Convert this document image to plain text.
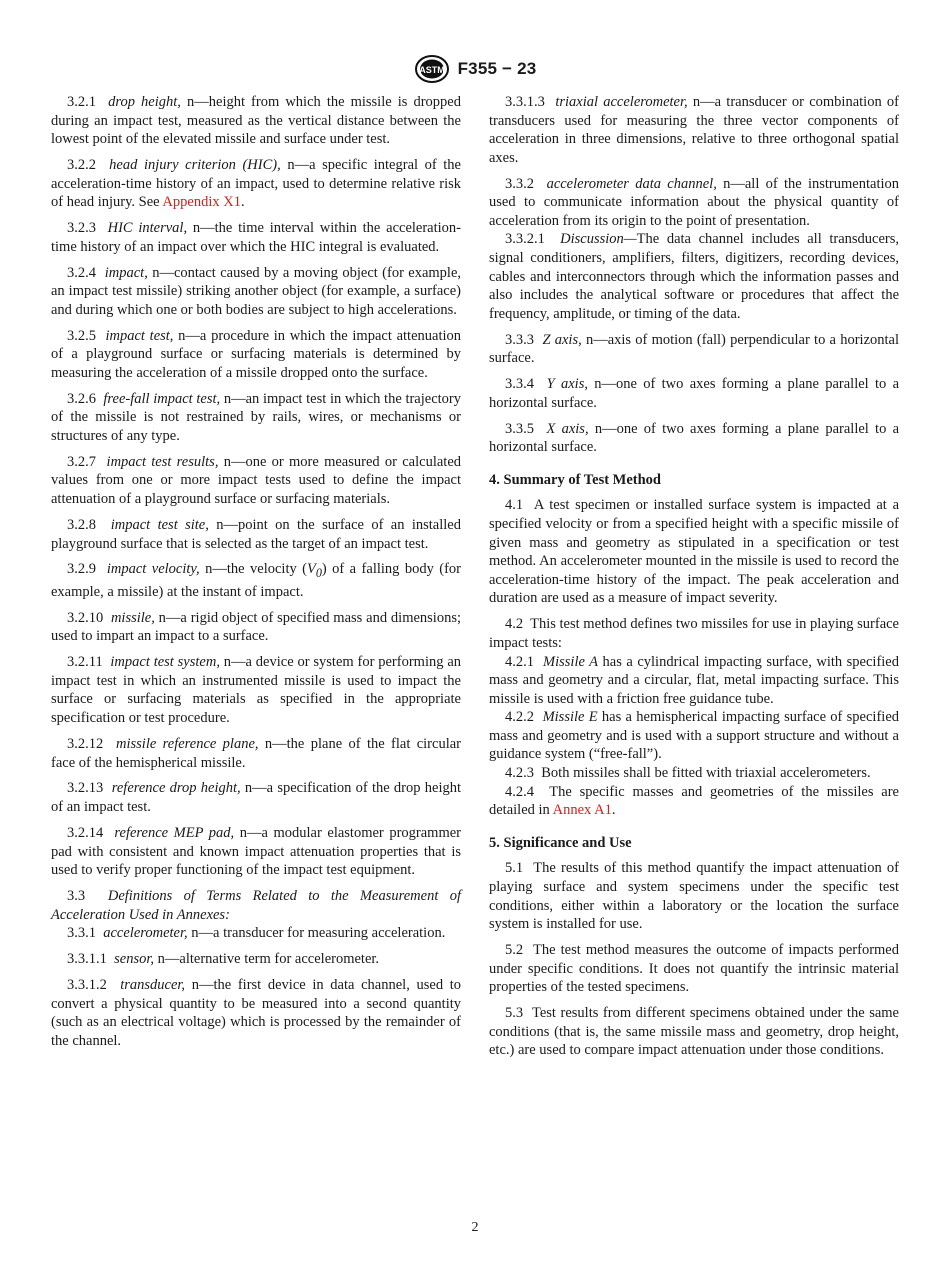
ASTM F355 − 23

3.2.1 drop height, n—height from which the missile is dropped during an impact test, measured as the vertical distance between the lowest point of the elevated missile and surface under test.

3.2.2 head injury criterion (HIC), n—a specific integral of the acceleration-time history of an impact, used to determine relative risk of head injury. See Appendix X1.

3.2.3 HIC interval, n—the time interval within the acceleration-time history of an impact over which the HIC integral is evaluated.

3.2.4 impact, n—contact caused by a moving object (for example, an impact test missile) striking another object (for example, a surface) and during which one or both bodies are subject to high accelerations.

3.2.5 impact test, n—a procedure in which the impact attenuation of a playground surface or surfacing materials is determined by measuring the acceleration of a missile dropped onto the surface.

3.2.6 free-fall impact test, n—an impact test in which the trajectory of the missile is not restrained by rails, wires, or mechanisms or structures of any type.

3.2.7 impact test results, n—one or more measured or calculated values from one or more impact tests used to define the impact attenuation of a playground surface or surfacing materials.

3.2.8 impact test site, n—point on the surface of an installed playground surface that is selected as the target of an impact test.

3.2.9 impact velocity, n—the velocity $(V_0)$ of a falling body (for example, a missile) at the instant of impact.

3.2.10 missile, n—a rigid object of specified mass and dimensions; used to impart an impact to a surface.

3.2.11 impact test system, n—a device or system for performing an impact test in which an instrumented missile is used to impact the surface or surfacing materials as specified in the appropriate specification or test procedure.

3.2.12 missile reference plane, n—the plane of the flat circular face of the hemispherical missile.

3.2.13 reference drop height, n—a specification of the drop height of an impact test.

3.2.14 reference MEP pad, n—a modular elastomer programmer pad with consistent and known impact attenuation properties that is used to verify proper functioning of the impact test equipment.

3.3 Definitions of Terms Related to the Measurement of Acceleration Used in Annexes:

3.3.1 accelerometer, n—a transducer for measuring acceleration.

3.3.1.1 sensor, n—alternative term for accelerometer.

3.3.1.2 transducer, n—the first device in data channel, used to convert a physical quantity to be measured into a second quantity (such as an electrical voltage) which is processed by the remainder of the channel.

3.3.1.3 triaxial accelerometer, n—a transducer or combination of transducers used for measuring the three vector components of acceleration in three dimensions, relative to three orthogonal spatial axes.

3.3.2 accelerometer data channel, n—all of the instrumentation used to communicate information about the physical quantity of acceleration from its origin to the point of presentation.

3.3.2.1 Discussion—The data channel includes all transducers, signal conditioners, amplifiers, filters, digitizers, recording devices, cables and interconnectors through which the information passes and also includes the analytical software or procedures that affect the frequency, amplitude, or timing of the data.

3.3.3 Z axis, n—axis of motion (fall) perpendicular to a horizontal surface.

3.3.4 Y axis, n—one of two axes forming a plane parallel to a horizontal surface.

3.3.5 X axis, n—one of two axes forming a plane parallel to a horizontal surface.

4. Summary of Test Method

4.1 A test specimen or installed surface system is impacted at a specified velocity or from a specified height with a specific missile of given mass and geometry as stipulated in a specification or test method. An accelerometer mounted in the missile is used to record the acceleration-time history of the impact. The peak acceleration and duration are used as a measure of impact severity.

4.2 This test method defines two missiles for use in playing surface impact tests:

4.2.1 Missile A has a cylindrical impacting surface, with specified mass and geometry and a circular, flat, metal impacting surface. This missile is used with a friction free guidance tube.

4.2.2 Missile E has a hemispherical impacting surface of specified mass and geometry and is used with a support structure and without a guidance system (“free-fall”).

4.2.3 Both missiles shall be fitted with triaxial accelerometers.

4.2.4 The specific masses and geometries of the missiles are detailed in Annex A1.

5. Significance and Use

5.1 The results of this method quantify the impact attenuation of playing surface and system specimens under the specific test conditions, either within a laboratory or the location the surface system is installed for use.

5.2 The test method measures the outcome of impacts performed under specific conditions. It does not quantify the intrinsic material properties of the tested specimens.

5.3 Test results from different specimens obtained under the same conditions (that is, the same missile mass and geometry, drop height, etc.) are used to compare impact attenuation under those conditions.

2
